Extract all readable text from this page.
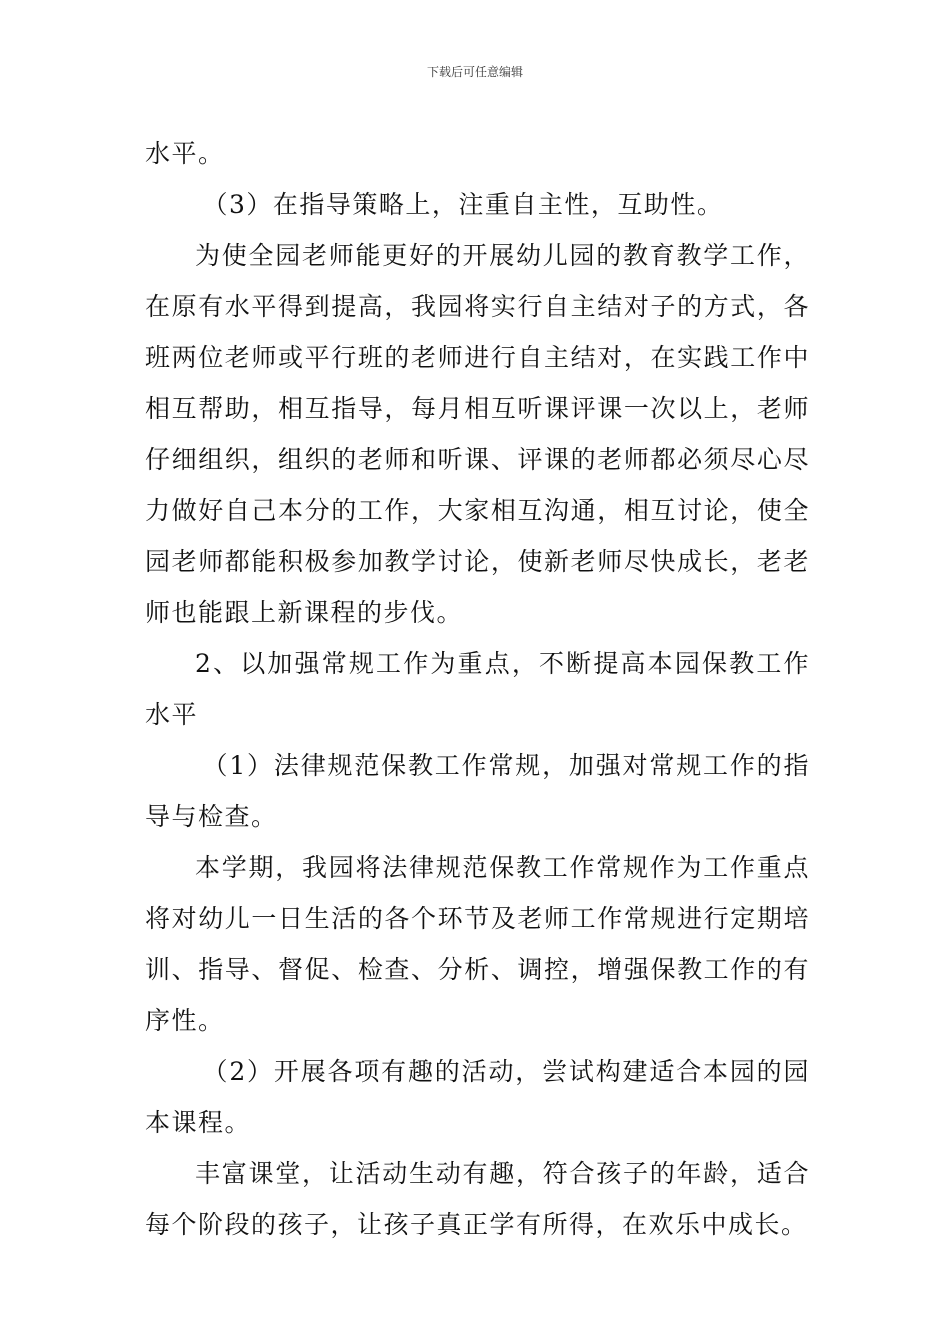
下载后可任意编辑

水平。

（3）在指导策略上，注重自主性，互助性。

为使全园老师能更好的开展幼儿园的教育教学工作，在原有水平得到提高，我园将实行自主结对子的方式，各班两位老师或平行班的老师进行自主结对，在实践工作中相互帮助，相互指导，每月相互听课评课一次以上，老师仔细组织，组织的老师和听课、评课的老师都必须尽心尽力做好自己本分的工作，大家相互沟通，相互讨论，使全园老师都能积极参加教学讨论，使新老师尽快成长，老老师也能跟上新课程的步伐。

2、以加强常规工作为重点，不断提高本园保教工作水平

（1）法律规范保教工作常规，加强对常规工作的指导与检查。

本学期，我园将法律规范保教工作常规作为工作重点将对幼儿一日生活的各个环节及老师工作常规进行定期培训、指导、督促、检查、分析、调控，增强保教工作的有序性。

（2）开展各项有趣的活动，尝试构建适合本园的园本课程。

丰富课堂，让活动生动有趣，符合孩子的年龄，适合每个阶段的孩子，让孩子真正学有所得，在欢乐中成长。
